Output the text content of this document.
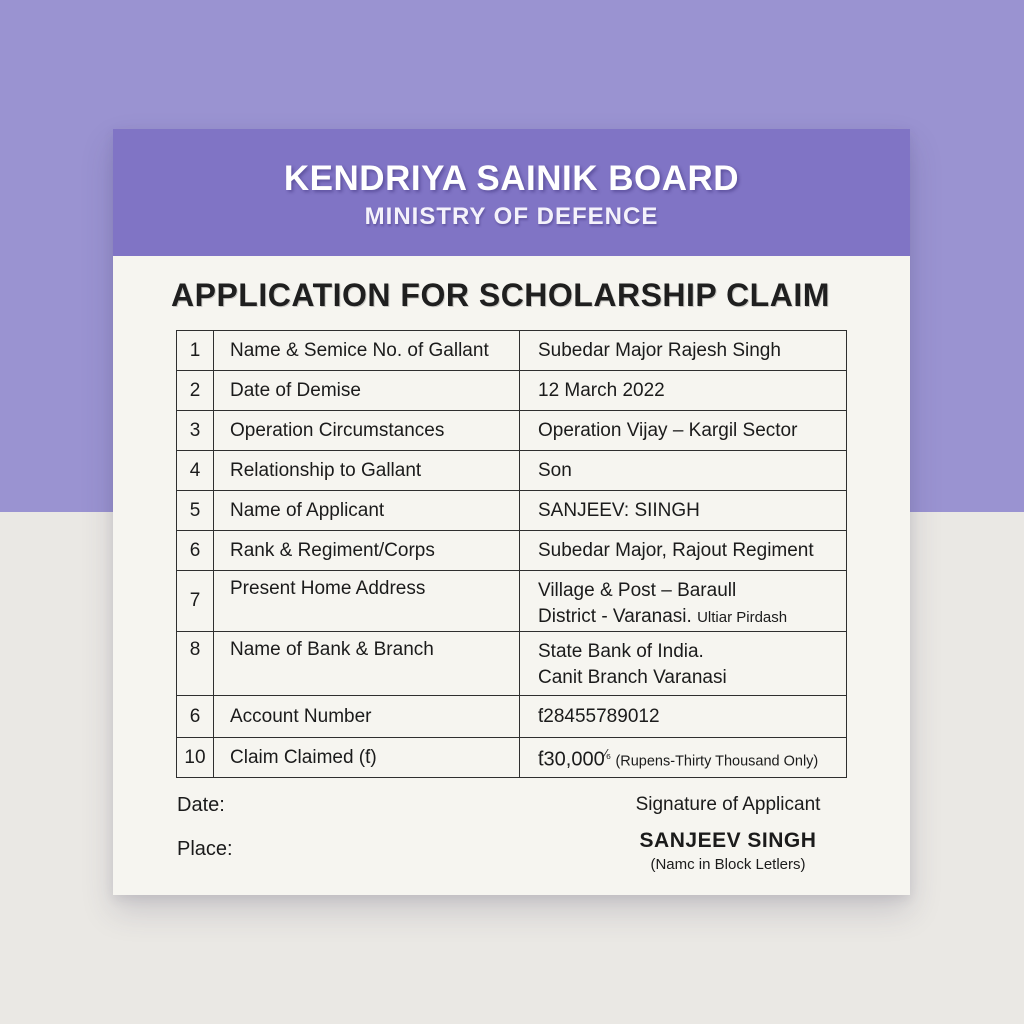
KENDRIYA SAINIK BOARD
MINISTRY OF DEFENCE
APPLICATION FOR SCHOLARSHIP CLAIM
1	Name & Semice No. of Gallant	Subedar Major Rajesh Singh
2	Date of Demise	12 March 2022
3	Operation Circumstances	Operation Vijay – Kargil Sector
4	Relationship to Gallant	Son
5	Name of Applicant	SANJEEV: SIINGH
6	Rank & Regiment/Corps	Subedar Major, Rajout Regiment
7	Present Home Address	Village & Post – Baraull
District - Varanasi. Ultiar Pirdash

8	Name of Bank & Branch	State Bank of India.
Canit Branch Varanasi

6	Account Number	ƭ28455789012
10	Claim Claimed (ƭ)	$ƭ30,000^{⁄_6}$ (Rupens-Thirty Thousand Only)
Date:
Place:
Signature of Applicant
SANJEEV SINGH
(Namc in Block Letlers)
